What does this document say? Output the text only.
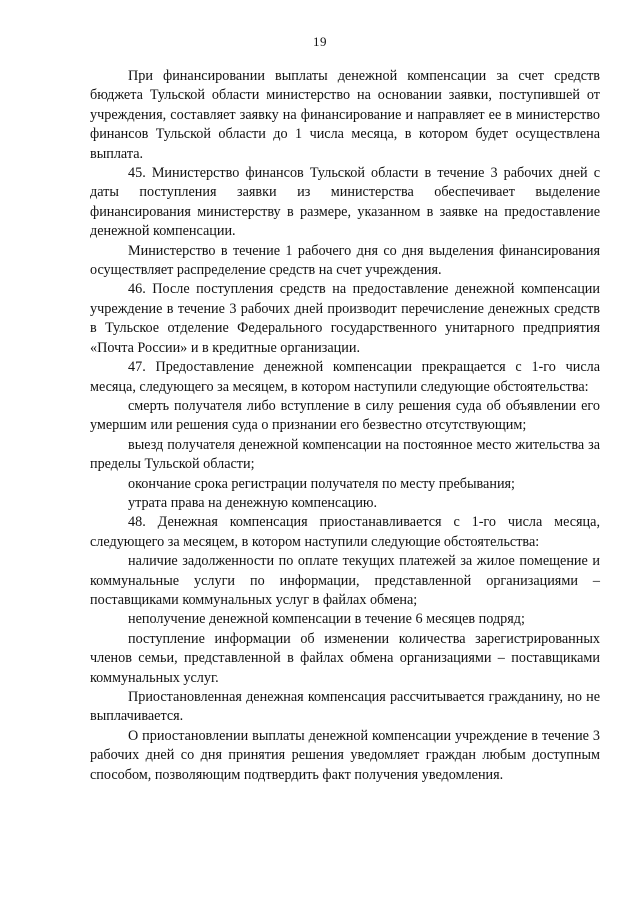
19

При финансировании выплаты денежной компенсации за счет средств бюджета Тульской области министерство на основании заявки, поступившей от учреждения, составляет заявку на финансирование и направляет ее в министерство финансов Тульской области до 1 числа месяца, в котором будет осуществлена выплата.

45. Министерство финансов Тульской области в течение 3 рабочих дней с даты поступления заявки из министерства обеспечивает выделение финансирования министерству в размере, указанном в заявке на предоставление денежной компенсации.

Министерство в течение 1 рабочего дня со дня выделения финансирования осуществляет распределение средств на счет учреждения.

46. После поступления средств на предоставление денежной компенсации учреждение в течение 3 рабочих дней производит перечисление денежных средств в Тульское отделение Федерального государственного унитарного предприятия «Почта России» и в кредитные организации.

47. Предоставление денежной компенсации прекращается с 1-го числа месяца, следующего за месяцем, в котором наступили следующие обстоятельства:

смерть получателя либо вступление в силу решения суда об объявлении его умершим или решения суда о признании его безвестно отсутствующим;

выезд получателя денежной компенсации на постоянное место жительства за пределы Тульской области;

окончание срока регистрации получателя по месту пребывания;

утрата права на денежную компенсацию.

48. Денежная компенсация приостанавливается с 1-го числа месяца, следующего за месяцем, в котором наступили следующие обстоятельства:

наличие задолженности по оплате текущих платежей за жилое помещение и коммунальные услуги по информации, представленной организациями – поставщиками коммунальных услуг в файлах обмена;

неполучение денежной компенсации в течение 6 месяцев подряд;

поступление информации об изменении количества зарегистрированных членов семьи, представленной в файлах обмена организациями – поставщиками коммунальных услуг.

Приостановленная денежная компенсация рассчитывается гражданину, но не выплачивается.

О приостановлении выплаты денежной компенсации учреждение в течение 3 рабочих дней со дня принятия решения уведомляет граждан любым доступным способом, позволяющим подтвердить факт получения уведомления.
